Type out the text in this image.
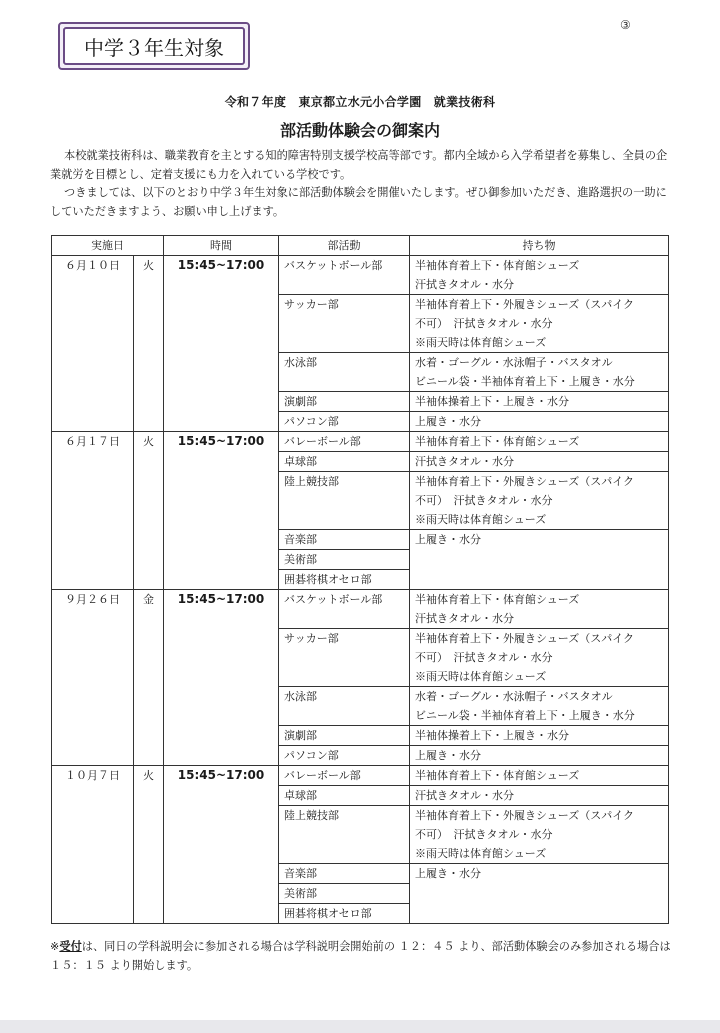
中学３年生対象
③
令和７年度　東京都立水元小合学園　就業技術科
部活動体験会の御案内

本校就業技術科は、職業教育を主とする知的障害特別支援学校高等部です。都内全域から入学希望者を募集し、全員の企業就労を目標とし、定着支援にも力を入れている学校です。

つきましては、以下のとおり中学３年生対象に部活動体験会を開催いたします。ぜひ御参加いただき、進路選択の一助にしていただきますよう、お願い申し上げます。

実施日		時間	部活動	持ち物
６月１０日	火	15:45~17:00	バスケットボール部	半袖体育着上下・体育館シューズ
				汗拭きタオル・水分
			サッカー部	半袖体育着上下・外履きシューズ（スパイク
				不可）　汗拭きタオル・水分
				※雨天時は体育館シューズ
			水泳部	水着・ゴーグル・水泳帽子・バスタオル
				ビニール袋・半袖体育着上下・上履き・水分
			演劇部	半袖体操着上下・上履き・水分
			パソコン部	上履き・水分
６月１７日	火	15:45~17:00	バレーボール部	半袖体育着上下・体育館シューズ
			卓球部	汗拭きタオル・水分
			陸上競技部	半袖体育着上下・外履きシューズ（スパイク
				不可）　汗拭きタオル・水分
				※雨天時は体育館シューズ
			音楽部	上履き・水分
			美術部	
			囲碁将棋オセロ部	
９月２６日	金	15:45~17:00	バスケットボール部	半袖体育着上下・体育館シューズ
				汗拭きタオル・水分
			サッカー部	半袖体育着上下・外履きシューズ（スパイク
				不可）　汗拭きタオル・水分
				※雨天時は体育館シューズ
			水泳部	水着・ゴーグル・水泳帽子・バスタオル
				ビニール袋・半袖体育着上下・上履き・水分
			演劇部	半袖体操着上下・上履き・水分
			パソコン部	上履き・水分
１０月７日	火	15:45~17:00	バレーボール部	半袖体育着上下・体育館シューズ
			卓球部	汗拭きタオル・水分
			陸上競技部	半袖体育着上下・外履きシューズ（スパイク
				不可）　汗拭きタオル・水分
				※雨天時は体育館シューズ
			音楽部	上履き・水分
			美術部	
			囲碁将棋オセロ部	
※受付は、同日の学科説明会に参加される場合は学科説明会開始前の １２：４５ より、部活動体験会のみ参加される場合は １５：１５ より開始します。
